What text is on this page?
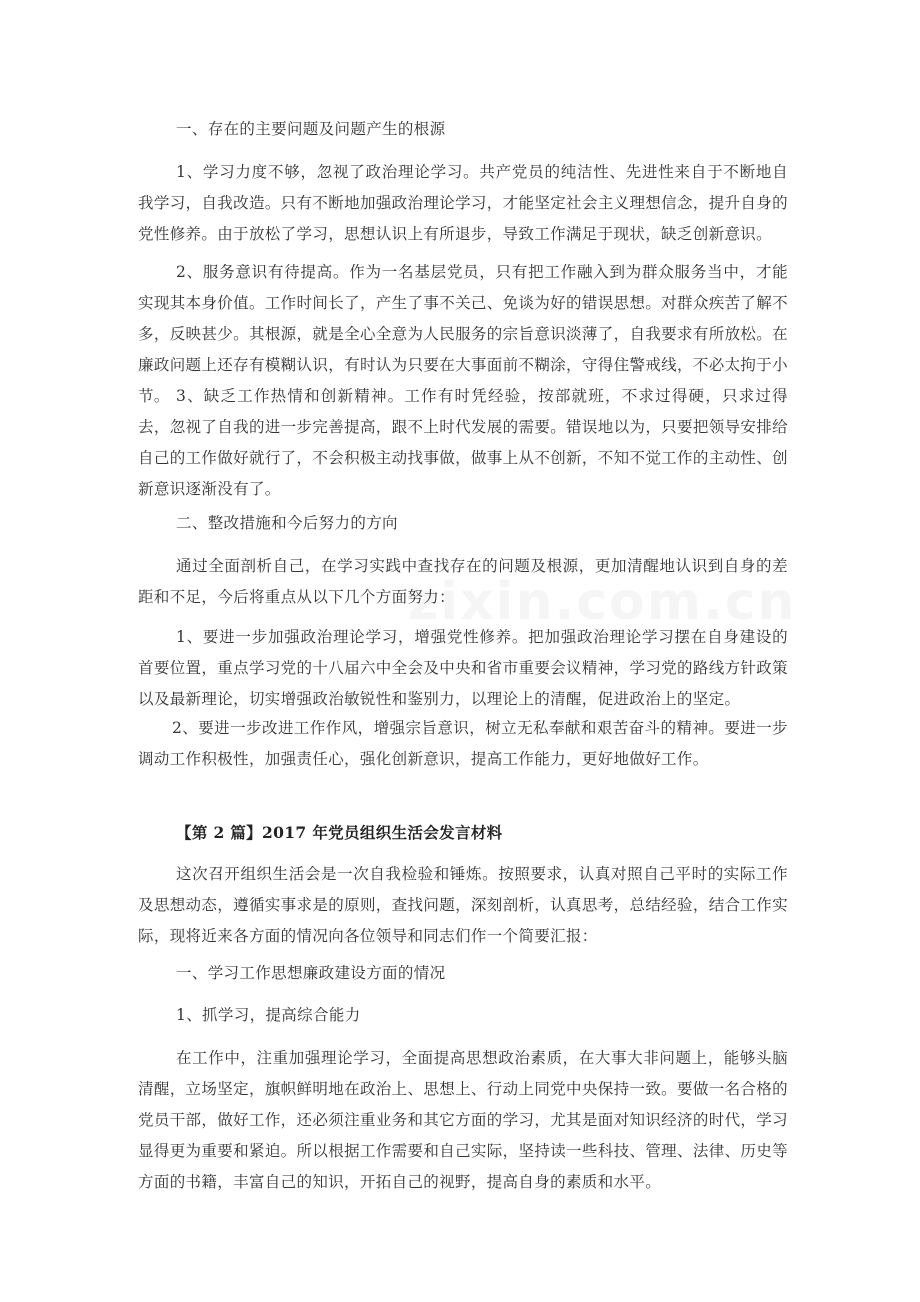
zixin.com.cn

一、存在的主要问题及问题产生的根源

1、学习力度不够，忽视了政治理论学习。共产党员的纯洁性、先进性来自于不断地自我学习，自我改造。只有不断地加强政治理论学习，才能坚定社会主义理想信念，提升自身的党性修养。由于放松了学习，思想认识上有所退步，导致工作满足于现状，缺乏创新意识。

2、服务意识有待提高。作为一名基层党员，只有把工作融入到为群众服务当中，才能实现其本身价值。工作时间长了，产生了事不关己、免谈为好的错误思想。对群众疾苦了解不多，反映甚少。其根源，就是全心全意为人民服务的宗旨意识淡薄了，自我要求有所放松。在廉政问题上还存有模糊认识，有时认为只要在大事面前不糊涂，守得住警戒线，不必太拘于小节。 3、缺乏工作热情和创新精神。工作有时凭经验，按部就班，不求过得硬，只求过得去，忽视了自我的进一步完善提高，跟不上时代发展的需要。错误地以为，只要把领导安排给自己的工作做好就行了，不会积极主动找事做，做事上从不创新，不知不觉工作的主动性、创新意识逐渐没有了。

二、整改措施和今后努力的方向

通过全面剖析自己，在学习实践中查找存在的问题及根源，更加清醒地认识到自身的差距和不足，今后将重点从以下几个方面努力：

1、要进一步加强政治理论学习，增强党性修养。把加强政治理论学习摆在自身建设的首要位置，重点学习党的十八届六中全会及中央和省市重要会议精神，学习党的路线方针政策以及最新理论，切实增强政治敏锐性和鉴别力，以理论上的清醒，促进政治上的坚定。

2、要进一步改进工作作风，增强宗旨意识，树立无私奉献和艰苦奋斗的精神。要进一步调动工作积极性，加强责任心，强化创新意识，提高工作能力，更好地做好工作。

【第 2 篇】2017 年党员组织生活会发言材料

这次召开组织生活会是一次自我检验和锤炼。按照要求，认真对照自己平时的实际工作及思想动态，遵循实事求是的原则，查找问题，深刻剖析，认真思考，总结经验，结合工作实际，现将近来各方面的情况向各位领导和同志们作一个简要汇报：

一、学习工作思想廉政建设方面的情况

1、抓学习，提高综合能力

在工作中，注重加强理论学习，全面提高思想政治素质，在大事大非问题上，能够头脑清醒，立场坚定，旗帜鲜明地在政治上、思想上、行动上同党中央保持一致。要做一名合格的党员干部，做好工作，还必须注重业务和其它方面的学习，尤其是面对知识经济的时代，学习显得更为重要和紧迫。所以根据工作需要和自己实际，坚持读一些科技、管理、法律、历史等方面的书籍，丰富自己的知识，开拓自己的视野，提高自身的素质和水平。
